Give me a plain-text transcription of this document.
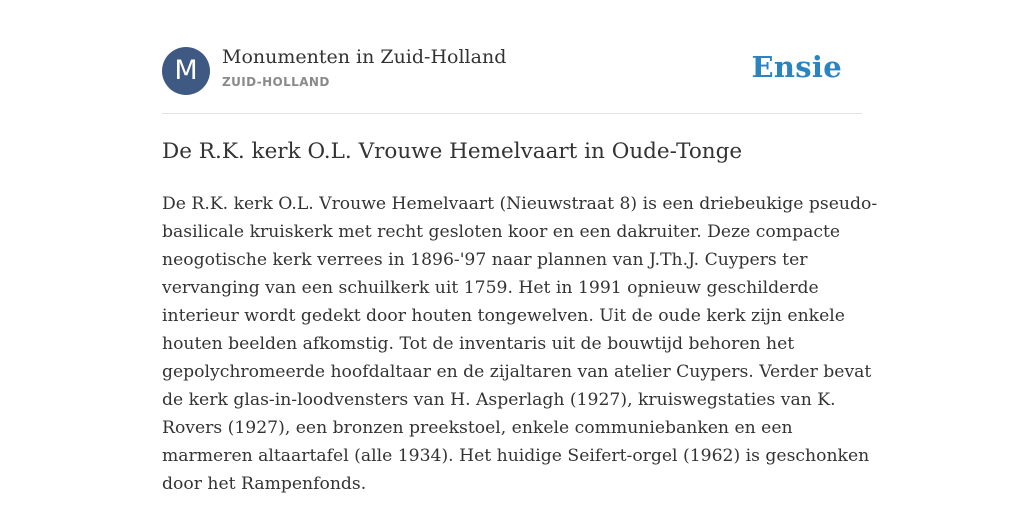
M	Monumenten in Zuid-Holland
ZUID-HOLLAND	Ensie
De R.K. kerk O.L. Vrouwe Hemelvaart in Oude-Tonge

De R.K. kerk O.L. Vrouwe Hemelvaart (Nieuwstraat 8) is een driebeukige pseudo-
basilicale kruiskerk met recht gesloten koor en een dakruiter. Deze compacte
neogotische kerk verrees in 1896-'97 naar plannen van J.Th.J. Cuypers ter
vervanging van een schuilkerk uit 1759. Het in 1991 opnieuw geschilderde
interieur wordt gedekt door houten tongewelven. Uit de oude kerk zijn enkele
houten beelden afkomstig. Tot de inventaris uit de bouwtijd behoren het
gepolychromeerde hoofdaltaar en de zijaltaren van atelier Cuypers. Verder bevat
de kerk glas-in-loodvensters van H. Asperlagh (1927), kruiswegstaties van K.
Rovers (1927), een bronzen preekstoel, enkele communiebanken en een
marmeren altaartafel (alle 1934). Het huidige Seifert-orgel (1962) is geschonken
door het Rampenfonds.
